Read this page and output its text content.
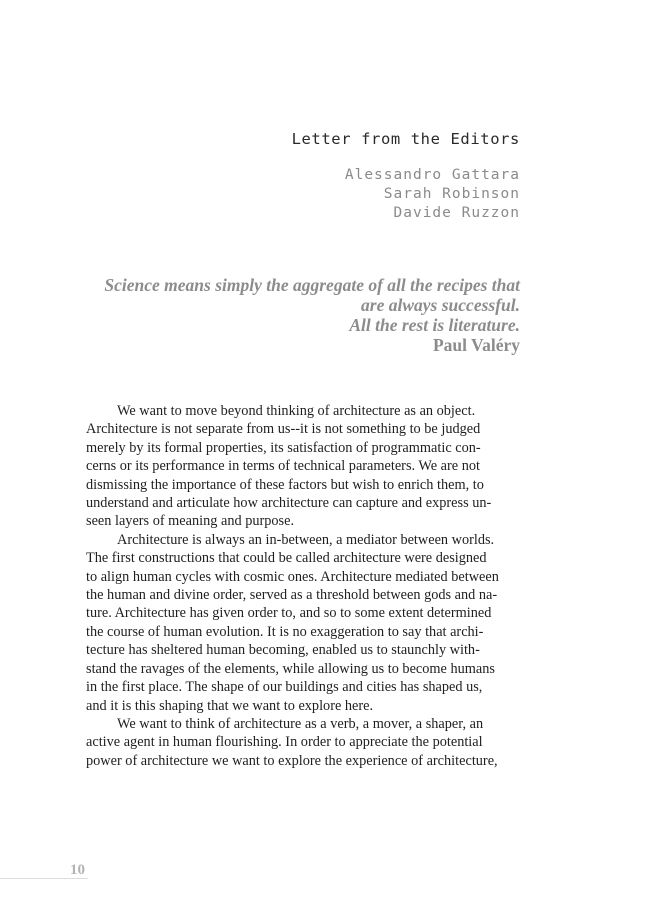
Letter from the Editors
Alessandro Gattara
Sarah Robinson
Davide Ruzzon
Science means simply the aggregate of all the recipes that
are always successful.
All the rest is literature.
Paul Valéry
We want to move beyond thinking of architecture as an object.
Architecture is not separate from us--it is not something to be judged
merely by its formal properties, its satisfaction of programmatic con-
cerns or its performance in terms of technical parameters. We are not
dismissing the importance of these factors but wish to enrich them, to
understand and articulate how architecture can capture and express un-
seen layers of meaning and purpose.
Architecture is always an in-between, a mediator between worlds.
The first constructions that could be called architecture were designed
to align human cycles with cosmic ones. Architecture mediated between
the human and divine order, served as a threshold between gods and na-
ture. Architecture has given order to, and so to some extent determined
the course of human evolution. It is no exaggeration to say that archi-
tecture has sheltered human becoming, enabled us to staunchly with-
stand the ravages of the elements, while allowing us to become humans
in the first place. The shape of our buildings and cities has shaped us,
and it is this shaping that we want to explore here.
We want to think of architecture as a verb, a mover, a shaper, an
active agent in human flourishing. In order to appreciate the potential
power of architecture we want to explore the experience of architecture,
10
